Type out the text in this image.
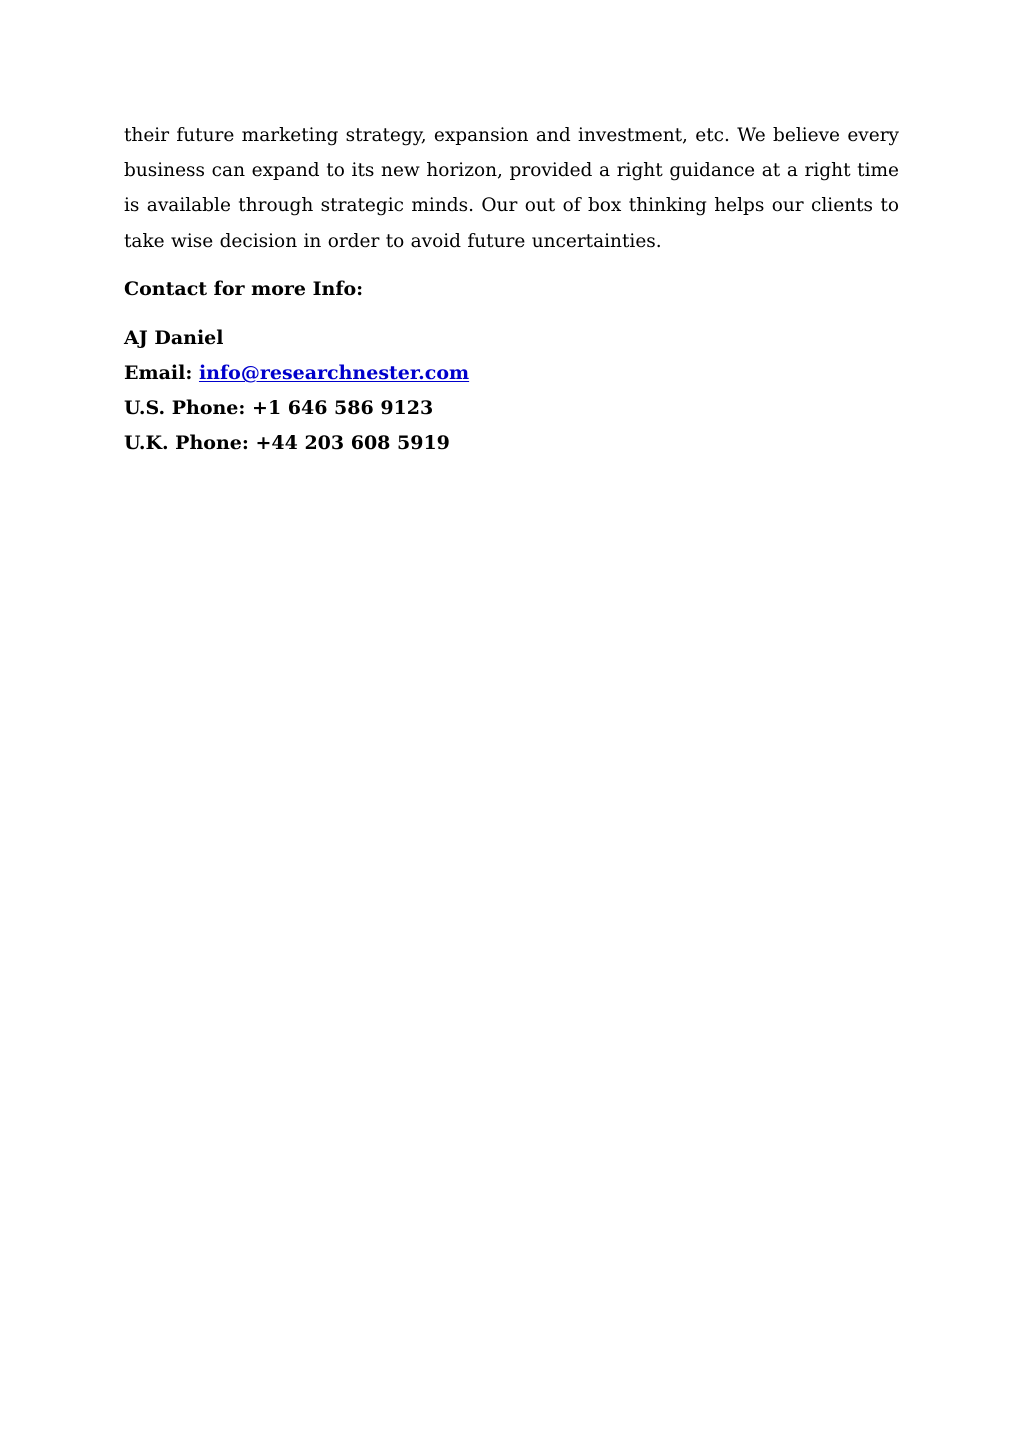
their future marketing strategy, expansion and investment, etc. We believe every business can expand to its new horizon, provided a right guidance at a right time is available through strategic minds. Our out of box thinking helps our clients to take wise decision in order to avoid future uncertainties.

Contact for more Info:

AJ Daniel
Email: info@researchnester.com
U.S. Phone: +1 646 586 9123
U.K. Phone: +44 203 608 5919
